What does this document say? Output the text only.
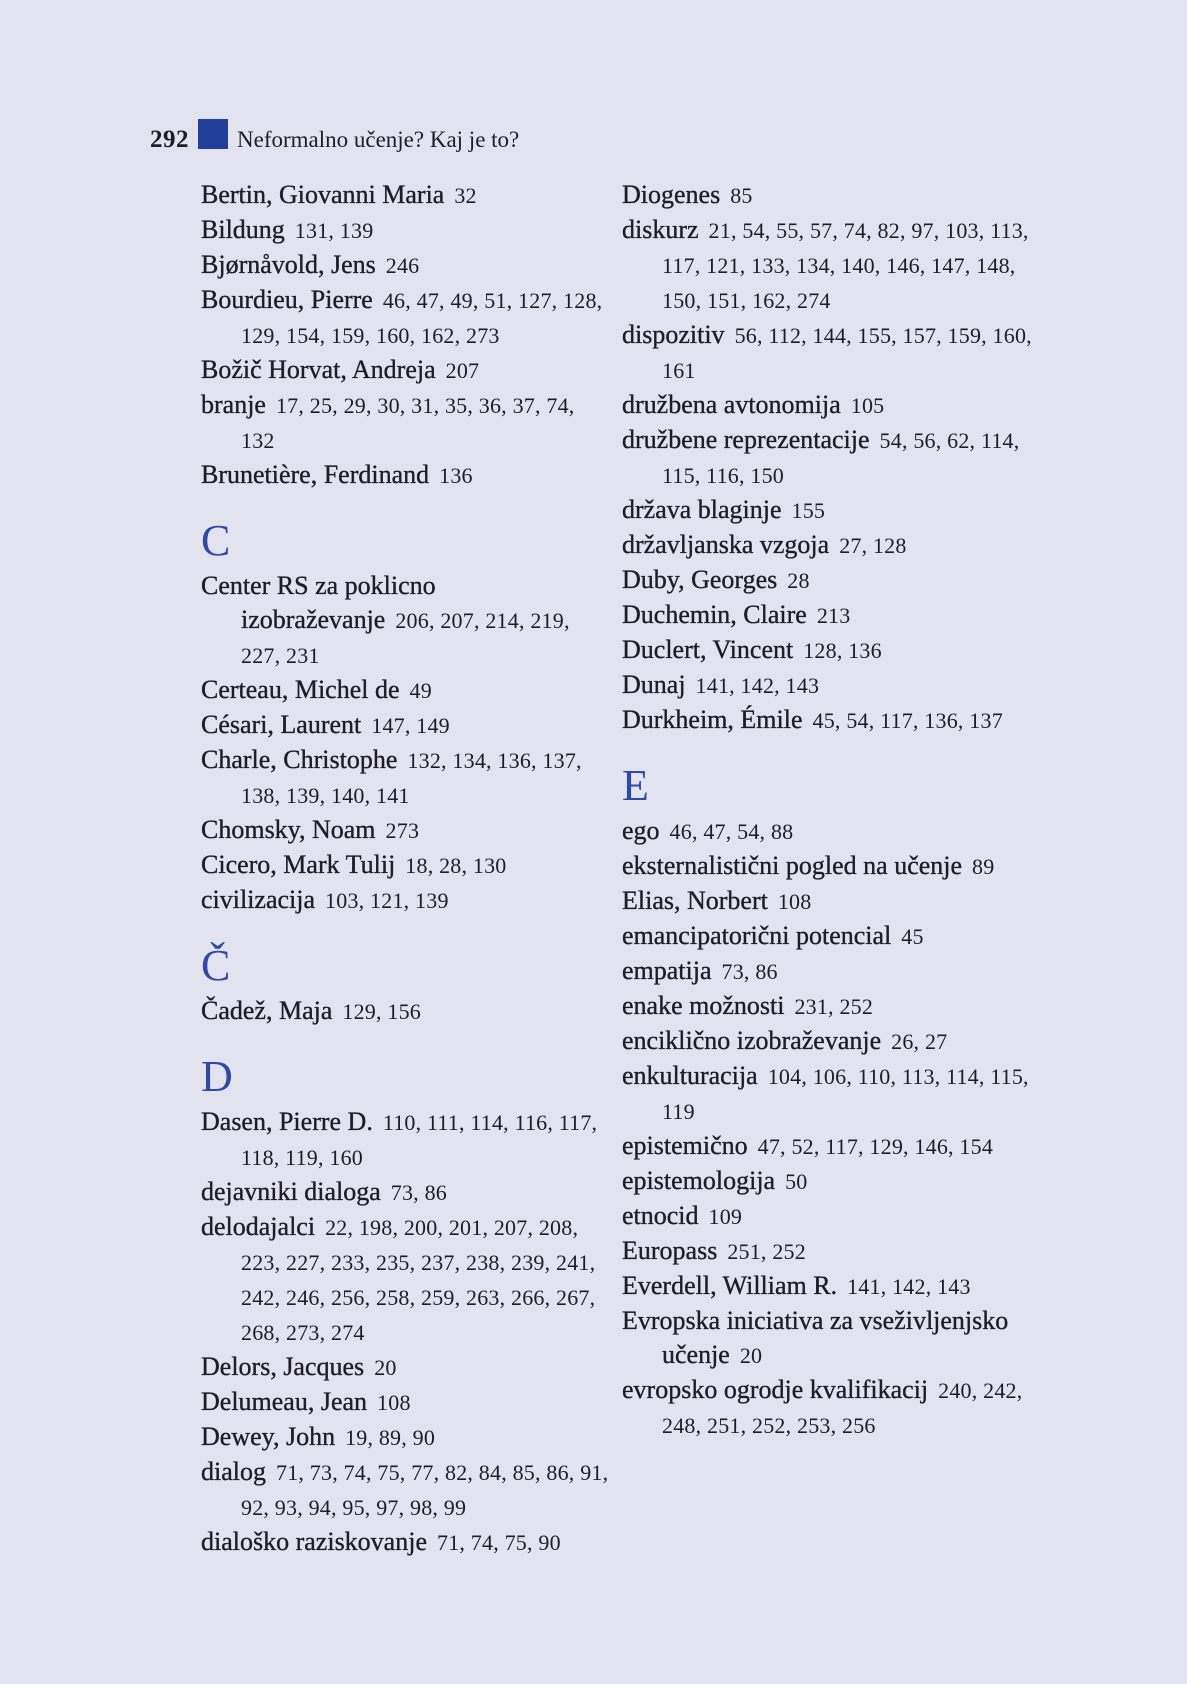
292 Neformalno učenje? Kaj je to?
Bertin, Giovanni Maria 32
Bildung 131, 139
Bjørnåvold, Jens 246
Bourdieu, Pierre 46, 47, 49, 51, 127, 128, 129, 154, 159, 160, 162, 273
Božič Horvat, Andreja 207
branje 17, 25, 29, 30, 31, 35, 36, 37, 74, 132
Brunetière, Ferdinand 136
C
Center RS za poklicno izobraževanje 206, 207, 214, 219, 227, 231
Certeau, Michel de 49
Césari, Laurent 147, 149
Charle, Christophe 132, 134, 136, 137, 138, 139, 140, 141
Chomsky, Noam 273
Cicero, Mark Tulij 18, 28, 130
civilizacija 103, 121, 139
Č
Čadež, Maja 129, 156
D
Dasen, Pierre D. 110, 111, 114, 116, 117, 118, 119, 160
dejavniki dialoga 73, 86
delodajalci 22, 198, 200, 201, 207, 208, 223, 227, 233, 235, 237, 238, 239, 241, 242, 246, 256, 258, 259, 263, 266, 267, 268, 273, 274
Delors, Jacques 20
Delumeau, Jean 108
Dewey, John 19, 89, 90
dialog 71, 73, 74, 75, 77, 82, 84, 85, 86, 91, 92, 93, 94, 95, 97, 98, 99
dialoško raziskovanje 71, 74, 75, 90
Diogenes 85
diskurz 21, 54, 55, 57, 74, 82, 97, 103, 113, 117, 121, 133, 134, 140, 146, 147, 148, 150, 151, 162, 274
dispozitiv 56, 112, 144, 155, 157, 159, 160, 161
družbena avtonomija 105
družbene reprezentacije 54, 56, 62, 114, 115, 116, 150
država blaginje 155
državljanska vzgoja 27, 128
Duby, Georges 28
Duchemin, Claire 213
Duclert, Vincent 128, 136
Dunaj 141, 142, 143
Durkheim, Émile 45, 54, 117, 136, 137
E
ego 46, 47, 54, 88
eksternalistični pogled na učenje 89
Elias, Norbert 108
emancipatorični potencial 45
empatija 73, 86
enake možnosti 231, 252
enciklično izobraževanje 26, 27
enkulturacija 104, 106, 110, 113, 114, 115, 119
epistemično 47, 52, 117, 129, 146, 154
epistemologija 50
etnocid 109
Europass 251, 252
Everdell, William R. 141, 142, 143
Evropska iniciativa za vseživljenjsko učenje 20
evropsko ogrodje kvalifikacij 240, 242, 248, 251, 252, 253, 256
